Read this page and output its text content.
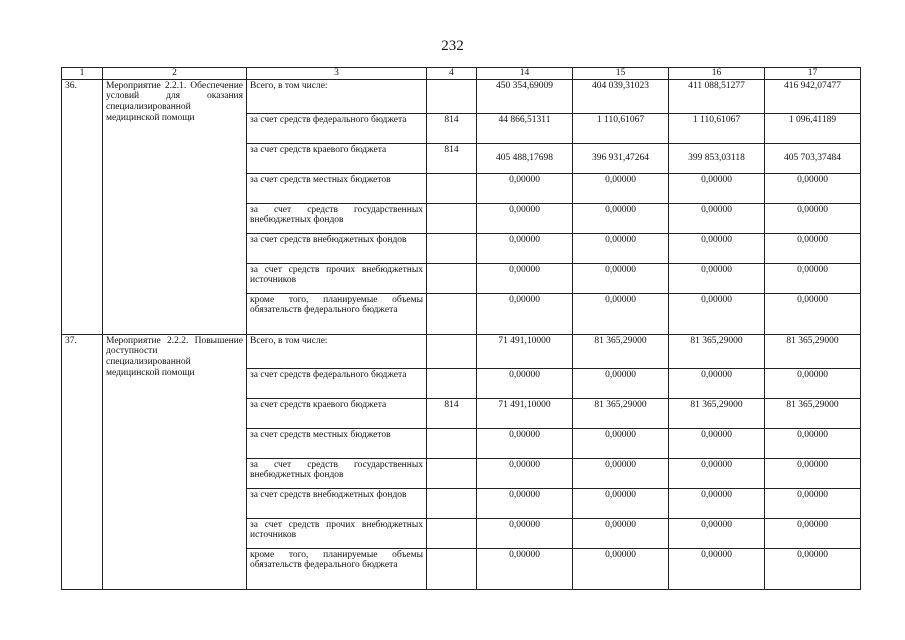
232
1	2	3	4	14	15	16	17
36.	Мероприятие 2.2.1. Обеспечение условий для оказания специализированной медицинской помощи	Всего, в том числе:		450 354,69009	404 039,31023	411 088,51277	416 942,07477
		за счет средств федерального бюджета	814	44 866,51311	1 110,61067	1 110,61067	1 096,41189
		за счет средств краевого бюджета	814	405 488,17698	396 931,47264	399 853,03118	405 703,37484
		за счет средств местных бюджетов		0,00000	0,00000	0,00000	0,00000
		за счет средств государственных внебюджетных фондов		0,00000	0,00000	0,00000	0,00000
		за счет средств внебюджетных фондов		0,00000	0,00000	0,00000	0,00000
		за счет средств прочих внебюджетных источников		0,00000	0,00000	0,00000	0,00000
		кроме того, планируемые объемы обязательств федерального бюджета		0,00000	0,00000	0,00000	0,00000
37.	Мероприятие 2.2.2. Повышение доступности специализированной медицинской помощи	Всего, в том числе:		71 491,10000	81 365,29000	81 365,29000	81 365,29000
		за счет средств федерального бюджета		0,00000	0,00000	0,00000	0,00000
		за счет средств краевого бюджета	814	71 491,10000	81 365,29000	81 365,29000	81 365,29000
		за счет средств местных бюджетов		0,00000	0,00000	0,00000	0,00000
		за счет средств государственных внебюджетных фондов		0,00000	0,00000	0,00000	0,00000
		за счет средств внебюджетных фондов		0,00000	0,00000	0,00000	0,00000
		за счет средств прочих внебюджетных источников		0,00000	0,00000	0,00000	0,00000
		кроме того, планируемые объемы обязательств федерального бюджета		0,00000	0,00000	0,00000	0,00000
